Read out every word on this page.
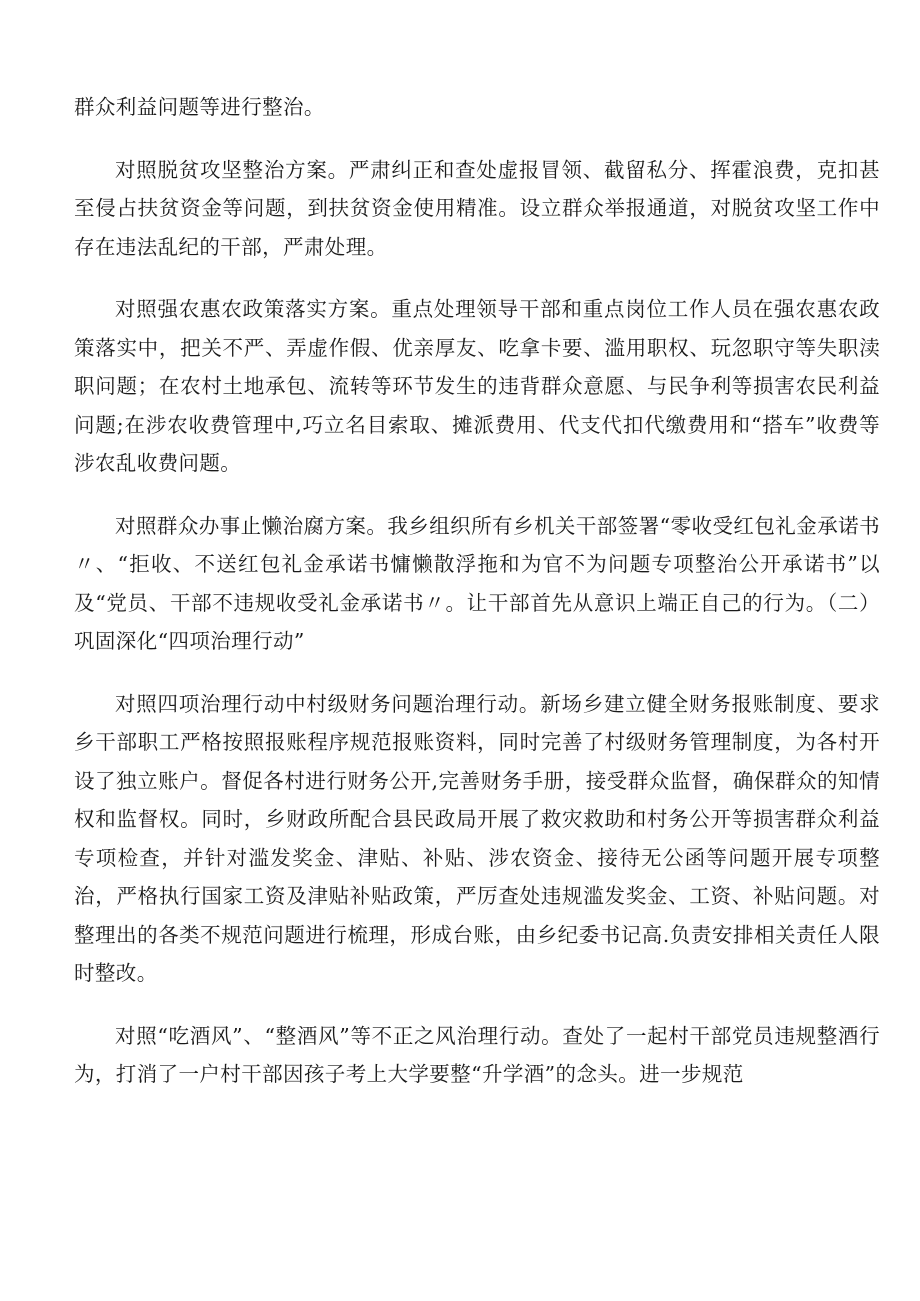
群众利益问题等进行整治。

对照脱贫攻坚整治方案。严肃纠正和查处虚报冒领、截留私分、挥霍浪费，克扣甚至侵占扶贫资金等问题，到扶贫资金使用精准。设立群众举报通道，对脱贫攻坚工作中存在违法乱纪的干部，严肃处理。

对照强农惠农政策落实方案。重点处理领导干部和重点岗位工作人员在强农惠农政策落实中，把关不严、弄虚作假、优亲厚友、吃拿卡要、滥用职权、玩忽职守等失职渎职问题；在农村土地承包、流转等环节发生的违背群众意愿、与民争利等损害农民利益问题;在涉农收费管理中,巧立名目索取、摊派费用、代支代扣代缴费用和“搭车”收费等涉农乱收费问题。

对照群众办事止懒治腐方案。我乡组织所有乡机关干部签署“零收受红包礼金承诺书〃、“拒收、不送红包礼金承诺书慵懒散浮拖和为官不为问题专项整治公开承诺书”以及“党员、干部不违规收受礼金承诺书〃。让干部首先从意识上端正自己的行为。（二）巩固深化“四项治理行动”

对照四项治理行动中村级财务问题治理行动。新场乡建立健全财务报账制度、要求乡干部职工严格按照报账程序规范报账资料，同时完善了村级财务管理制度，为各村开设了独立账户。督促各村进行财务公开,完善财务手册，接受群众监督，确保群众的知情权和监督权。同时，乡财政所配合县民政局开展了救灾救助和村务公开等损害群众利益专项检查，并针对滥发奖金、津贴、补贴、涉农资金、接待无公函等问题开展专项整治，严格执行国家工资及津贴补贴政策，严厉查处违规滥发奖金、工资、补贴问题。对整理出的各类不规范问题进行梳理，形成台账，由乡纪委书记高.负责安排相关责任人限时整改。

对照“吃酒风”、“整酒风”等不正之风治理行动。查处了一起村干部党员违规整酒行为，打消了一户村干部因孩子考上大学要整“升学酒”的念头。进一步规范
